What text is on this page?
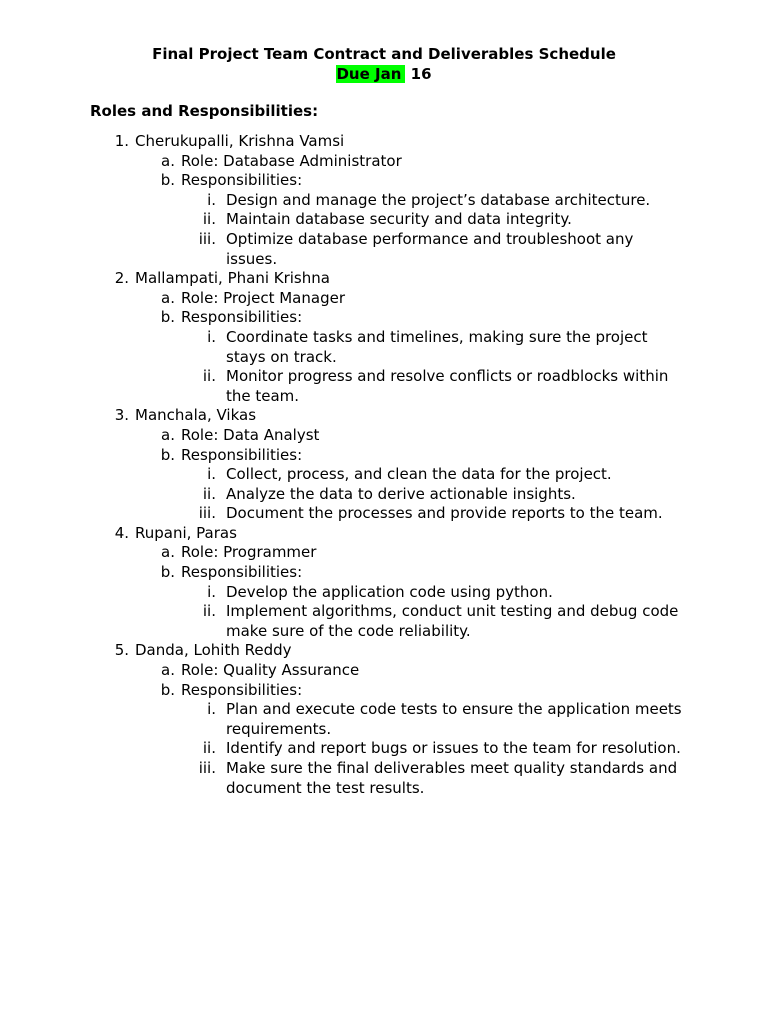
Final Project Team Contract and Deliverables Schedule
Due Jan 16
Roles and Responsibilities:
1. Cherukupalli, Krishna Vamsi
a. Role: Database Administrator
b. Responsibilities:
i. Design and manage the project’s database architecture.
ii. Maintain database security and data integrity.
iii. Optimize database performance and troubleshoot any issues.
2. Mallampati, Phani Krishna
a. Role: Project Manager
b. Responsibilities:
i. Coordinate tasks and timelines, making sure the project stays on track.
ii. Monitor progress and resolve conflicts or roadblocks within the team.
3. Manchala, Vikas
a. Role: Data Analyst
b. Responsibilities:
i. Collect, process, and clean the data for the project.
ii. Analyze the data to derive actionable insights.
iii. Document the processes and provide reports to the team.
4. Rupani, Paras
a. Role: Programmer
b. Responsibilities:
i. Develop the application code using python.
ii. Implement algorithms, conduct unit testing and debug code make sure of the code reliability.
5. Danda, Lohith Reddy
a. Role: Quality Assurance
b. Responsibilities:
i. Plan and execute code tests to ensure the application meets requirements.
ii. Identify and report bugs or issues to the team for resolution.
iii. Make sure the final deliverables meet quality standards and document the test results.
